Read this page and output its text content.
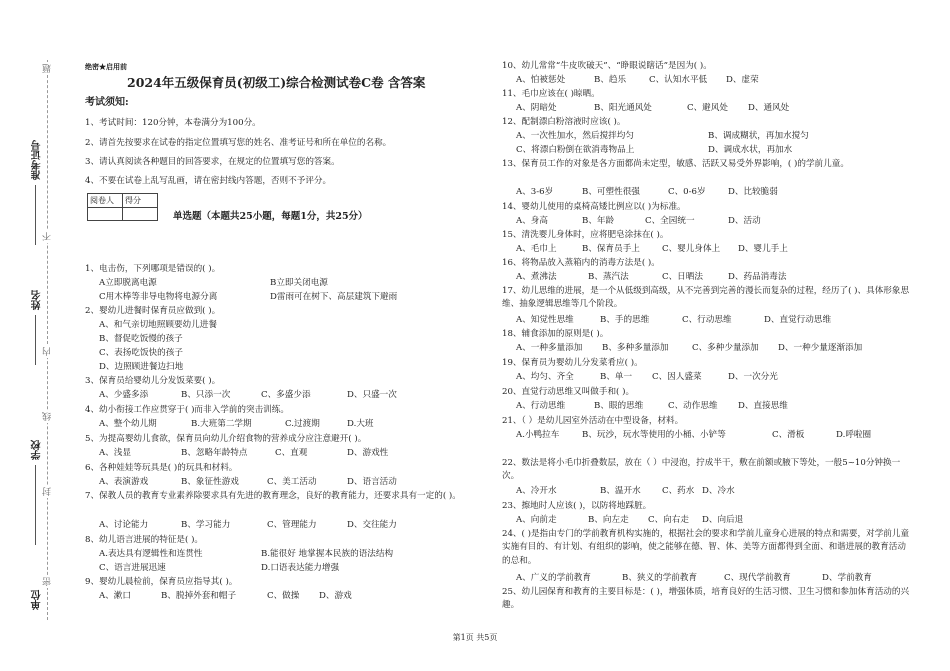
准考证号
姓名
学校
单位
题
不
内
线
封
密
绝密★启用前
2024年五级保育员(初级工)综合检测试卷C卷 含答案
考试须知:
1、考试时间：120分钟，本卷满分为100分。
2、请首先按要求在试卷的指定位置填写您的姓名、准考证号和所在单位的名称。
3、请认真阅读各种题目的回答要求，在规定的位置填写您的答案。
4、不要在试卷上乱写乱画，请在密封线内答题，否则不予评分。
阅卷人	得分

单选题（本题共25小题，每题1分，共25分）
1、电击伤，下列哪项是错误的( )。
A立即脱离电源	B立即关闭电源
C用木棒等非导电物将电源分离	D雷雨可在树下、高层建筑下避雨
2、婴幼儿进餐时保育员应做到( )。
A、和气亲切地照顾要幼儿进餐
B、督促吃饭慢的孩子
C、表扬吃饭快的孩子
D、边照顾进餐边扫地
3、保育员给婴幼儿分发饭菜要( )。
A、少盛多添	B、只添一次	C、多盛少添	D、只盛一次
4、幼小衔接工作应贯穿于( )而非入学前的突击训练。
A、整个幼儿期	B.大班第二学期	C.过渡期	D.大班
5、为提高婴幼儿食欲，保育员向幼儿介绍食物的营养成分应注意避开( )。
A、浅显	B、忽略年龄特点	C、直观	D、游戏性
6、各种娃娃等玩具是( )的玩具和材料。
A、表演游戏	B、象征性游戏	C、美工活动	D、语言活动
7、保教人员的教育专业素养除要求具有先进的教育理念，良好的教育能力，还要求具有一定的( )。
A、讨论能力	B、学习能力	C、管理能力	D、交往能力
8、幼儿语言进展的特征是( )。
A.表达具有逻辑性和连贯性	B.能很好 地掌握本民族的语法结构
C、语言进展迅速	D.口语表达能力增强
9、婴幼儿晨检前，保育员应指导其( )。
A、漱口	B、脱掉外套和帽子	C、做操 D、游戏
10、幼儿常常“牛皮吹破天”、“睁眼说瞎话”是因为( )。
A、怕被惩处	B、趋乐	C、认知水平低 D、虚荣
11、毛巾应该在( )晾晒。
A、阴暗处	B、阳光通风处	C、避风处 D、通风处
12、配制漂白粉溶液时应该( )。
A、一次性加水，然后搅拌均匀	B、调成糊状，再加水搅匀
C、将漂白粉倒在欲消毒物品上	D、调成水状，再加水
13、保育员工作的对象是各方面都尚未定型，敏感、活跃又易受外界影响，( )的学前儿童。
A、3-6岁	B、可塑性很强	C、0-6岁	D、比较脆弱
14、婴幼儿使用的桌椅高矮比例应以( )为标准。
A、身高	B、年龄	C、全园统一	D、活动
15、清洗婴儿身体时，应将肥皂涂抹在( )。
A、毛巾上	B、保育员手上	C、婴儿身体上 D、婴儿手上
16、将物品放入蒸箱内的消毒方法是( )。
A、煮沸法	B、蒸汽法	C、日晒法	D、药品消毒法
17、幼儿思维的进展，是一个从低级到高级，从不完善到完善的漫长而复杂的过程，经历了( )、具体形象思维、抽象逻辑思维等几个阶段。
A、知觉性思维	B、手的思维	C、行动思维	D、直觉行动思维
18、辅食添加的原则是( )。
A、一种多量添加 B、多种多量添加	C、多种少量添加 D、一种少量逐渐添加
19、保育员为婴幼儿分发菜肴应( )。
A、均匀、齐全	B、单一 C、因人盛菜	D、一次分光
20、直觉行动思维又叫做手和( )。
A、行动思维	B、眼的思维	C、动作思维 D、直接思维
21、（ ）是幼儿园室外活动在中型设备，材料。
A.小鸭拉车	B、玩沙，玩水等使用的小桶、小铲等	C、滑板	D.呼啦圈
22、数法是将小毛巾折叠数层，放在（ ）中浸泡，拧成半干，敷在前额或腋下等处，一般5~10分钟换一次。
A、冷开水	B、温开水 C、药水 D、冷水
23、擦地时人应该( )，以防将地踩脏。
A、向前走	B、向左走 C、向右走 D、向后退
24、( )是指由专门的学前教育机构实施的，根据社会的要求和学前儿童身心进展的特点和需要，对学前儿童实施有目的、有计划、有组织的影响，使之能够在德、智、体、美等方面都得到全面、和谐进展的教育活动的总和。
A、广义的学前教育	B、狭义的学前教育	C、现代学前教育	D、学前教育
25、幼儿园保育和教育的主要目标是：( )，增强体质，培育良好的生活习惯、卫生习惯和参加体育活动的兴趣。
第1页 共5页
